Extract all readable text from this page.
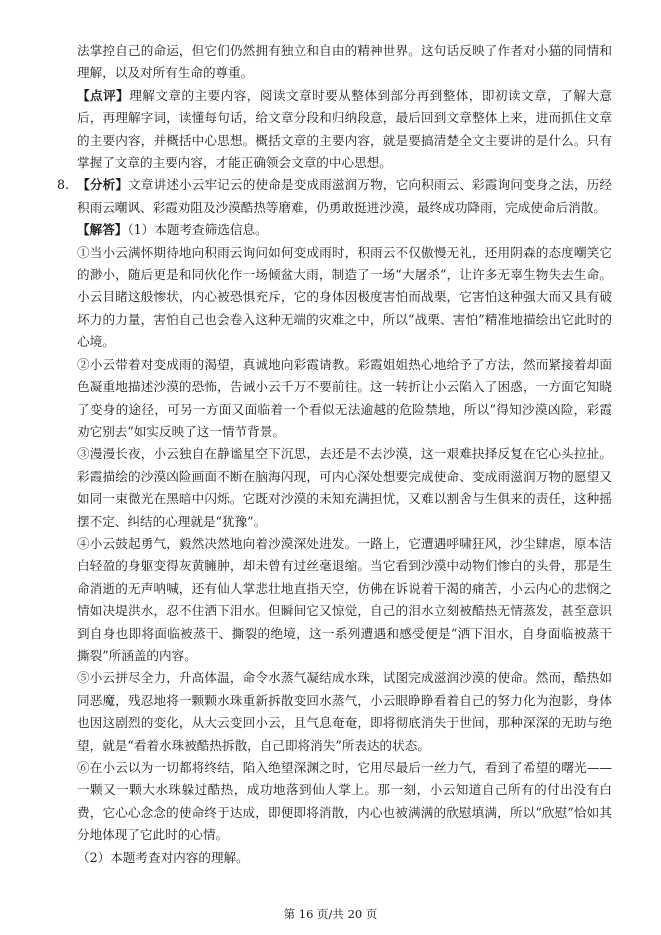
法掌控自己的命运，但它们仍然拥有独立和自由的精神世界。这句话反映了作者对小猫的同情和理解，以及对所有生命的尊重。

【点评】理解文章的主要内容，阅读文章时要从整体到部分再到整体，即初读文章，了解大意后，再理解字词，读懂每句话，给文章分段和归纳段意，最后回到文章整体上来，进而抓住文章的主要内容，并概括中心思想。概括文章的主要内容，就是要搞清楚全文主要讲的是什么。只有掌握了文章的主要内容，才能正确领会文章的中心思想。

8. 【分析】文章讲述小云牢记云的使命是变成雨滋润万物，它向积雨云、彩霞询问变身之法，历经积雨云嘲讽、彩霞劝阻及沙漠酷热等磨难，仍勇敢挺进沙漠，最终成功降雨，完成使命后消散。

【解答】（1）本题考查筛选信息。

①当小云满怀期待地向积雨云询问如何变成雨时，积雨云不仅傲慢无礼，还用阴森的态度嘲笑它的渺小，随后更是和同伙化作一场倾盆大雨，制造了一场“大屠杀”，让许多无辜生物失去生命。小云目睹这般惨状，内心被恐惧充斥，它的身体因极度害怕而战栗，它害怕这种强大而又具有破坏力的力量，害怕自己也会卷入这种无端的灾难之中，所以“战栗、害怕”精准地描绘出它此时的心境。

②小云带着对变成雨的渴望，真诚地向彩霞请教。彩霞姐姐热心地给予了方法，然而紧接着却面色凝重地描述沙漠的恐怖，告诫小云千万不要前往。这一转折让小云陷入了困惑，一方面它知晓了变身的途径，可另一方面又面临着一个看似无法逾越的危险禁地，所以“得知沙漠凶险，彩霞劝它别去”如实反映了这一情节背景。

③漫漫长夜，小云独自在静谧星空下沉思，去还是不去沙漠，这一艰难抉择反复在它心头拉扯。彩霞描绘的沙漠凶险画面不断在脑海闪现，可内心深处想要完成使命、变成雨滋润万物的愿望又如同一束微光在黑暗中闪烁。它既对沙漠的未知充满担忧，又难以割舍与生俱来的责任，这种摇摆不定、纠结的心理就是“犹豫”。

④小云鼓起勇气，毅然决然地向着沙漠深处进发。一路上，它遭遇呼啸狂风，沙尘肆虐，原本洁白轻盈的身躯变得灰黄臃肿，却未曾有过丝毫退缩。当它看到沙漠中动物们惨白的头骨，那是生命消逝的无声呐喊，还有仙人掌悲壮地直指天空，仿佛在诉说着干渴的痛苦，小云内心的悲悯之情如决堤洪水，忍不住洒下泪水。但瞬间它又惊觉，自己的泪水立刻被酷热无情蒸发，甚至意识到自身也即将面临被蒸干、撕裂的绝境，这一系列遭遇和感受便是“洒下泪水，自身面临被蒸干撕裂”所涵盖的内容。

⑤小云拼尽全力，升高体温，命令水蒸气凝结成水珠，试图完成滋润沙漠的使命。然而，酷热如同恶魔，残忍地将一颗颗水珠重新拆散变回水蒸气，小云眼睁睁看着自己的努力化为泡影，身体也因这剧烈的变化，从大云变回小云，且气息奄奄，即将彻底消失于世间，那种深深的无助与绝望，就是“看着水珠被酷热拆散，自己即将消失”所表达的状态。

⑥在小云以为一切都将终结，陷入绝望深渊之时，它用尽最后一丝力气，看到了希望的曙光——一颗又一颗大水珠躲过酷热，成功地落到仙人掌上。那一刻，小云知道自己所有的付出没有白费，它心心念念的使命终于达成，即便即将消散，内心也被满满的欣慰填满，所以“欣慰”恰如其分地体现了它此时的心情。

（2）本题考查对内容的理解。

第 16 页/共 20 页
